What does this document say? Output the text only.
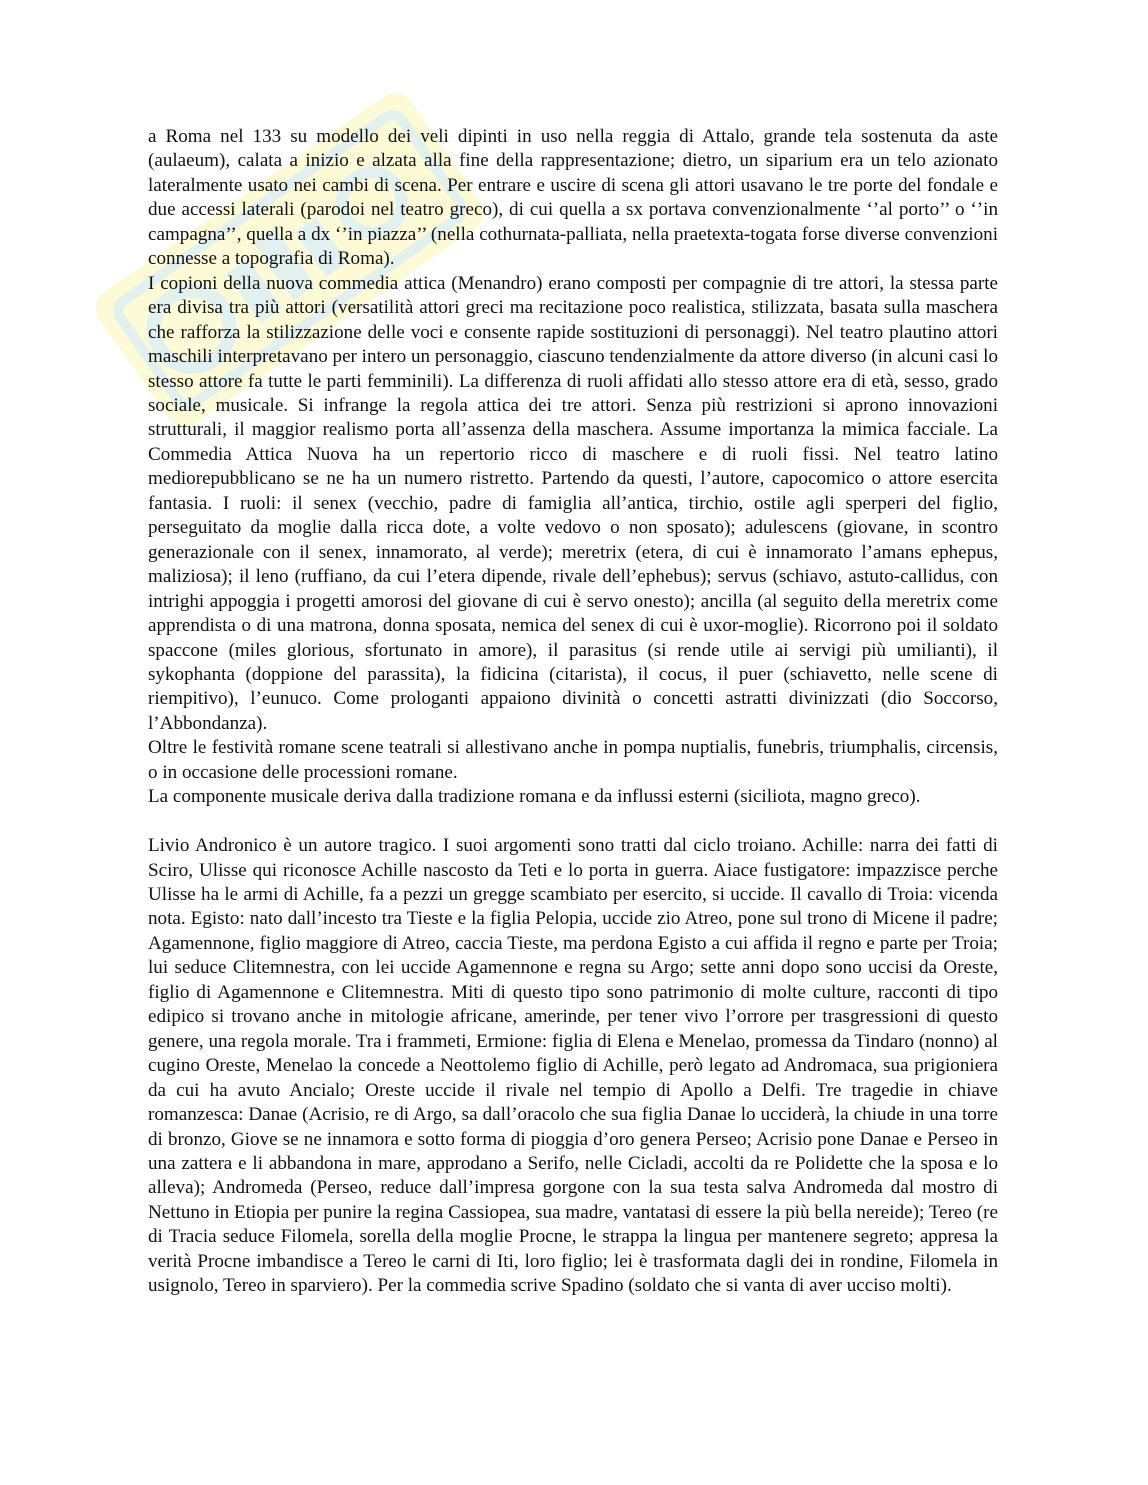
a Roma nel 133 su modello dei veli dipinti in uso nella reggia di Attalo, grande tela sostenuta da aste (aulaeum), calata a inizio e alzata alla fine della rappresentazione; dietro, un siparium era un telo azionato lateralmente usato nei cambi di scena. Per entrare e uscire di scena gli attori usavano le tre porte del fondale e due accessi laterali (parodoi nel teatro greco), di cui quella a sx portava convenzionalmente ‘’al porto’’ o ‘’in campagna’’, quella a dx ‘’in piazza’’ (nella cothurnata-palliata, nella praetexta-togata forse diverse convenzioni connesse a topografia di Roma).

I copioni della nuova commedia attica (Menandro) erano composti per compagnie di tre attori, la stessa parte era divisa tra più attori (versatilità attori greci ma recitazione poco realistica, stilizzata, basata sulla maschera che rafforza la stilizzazione delle voci e consente rapide sostituzioni di personaggi). Nel teatro plautino attori maschili interpretavano per intero un personaggio, ciascuno tendenzialmente da attore diverso (in alcuni casi lo stesso attore fa tutte le parti femminili). La differenza di ruoli affidati allo stesso attore era di età, sesso, grado sociale, musicale. Si infrange la regola attica dei tre attori. Senza più restrizioni si aprono innovazioni strutturali, il maggior realismo porta all’assenza della maschera. Assume importanza la mimica facciale. La Commedia Attica Nuova ha un repertorio ricco di maschere e di ruoli fissi. Nel teatro latino mediorepubblicano se ne ha un numero ristretto. Partendo da questi, l’autore, capocomico o attore esercita fantasia. I ruoli: il senex (vecchio, padre di famiglia all’antica, tirchio, ostile agli sperperi del figlio, perseguitato da moglie dalla ricca dote, a volte vedovo o non sposato); adulescens (giovane, in scontro generazionale con il senex, innamorato, al verde); meretrix (etera, di cui è innamorato l’amans ephepus, maliziosa); il leno (ruffiano, da cui l’etera dipende, rivale dell’ephebus); servus (schiavo, astuto-callidus, con intrighi appoggia i progetti amorosi del giovane di cui è servo onesto); ancilla (al seguito della meretrix come apprendista o di una matrona, donna sposata, nemica del senex di cui è uxor-moglie). Ricorrono poi il soldato spaccone (miles glorious, sfortunato in amore), il parasitus (si rende utile ai servigi più umilianti), il sykophanta (doppione del parassita), la fidicina (citarista), il cocus, il puer (schiavetto, nelle scene di riempitivo), l’eunuco. Come prologanti appaiono divinità o concetti astratti divinizzati (dio Soccorso, l’Abbondanza).

Oltre le festività romane scene teatrali si allestivano anche in pompa nuptialis, funebris, triumphalis, circensis, o in occasione delle processioni romane.

La componente musicale deriva dalla tradizione romana e da influssi esterni (siciliota, magno greco).

Livio Andronico è un autore tragico. I suoi argomenti sono tratti dal ciclo troiano. Achille: narra dei fatti di Sciro, Ulisse qui riconosce Achille nascosto da Teti e lo porta in guerra. Aiace fustigatore: impazzisce perche Ulisse ha le armi di Achille, fa a pezzi un gregge scambiato per esercito, si uccide. Il cavallo di Troia: vicenda nota. Egisto: nato dall’incesto tra Tieste e la figlia Pelopia, uccide zio Atreo, pone sul trono di Micene il padre; Agamennone, figlio maggiore di Atreo, caccia Tieste, ma perdona Egisto a cui affida il regno e parte per Troia; lui seduce Clitemnestra, con lei uccide Agamennone e regna su Argo; sette anni dopo sono uccisi da Oreste, figlio di Agamennone e Clitemnestra. Miti di questo tipo sono patrimonio di molte culture, racconti di tipo edipico si trovano anche in mitologie africane, amerinde, per tener vivo l’orrore per trasgressioni di questo genere, una regola morale. Tra i frammeti, Ermione: figlia di Elena e Menelao, promessa da Tindaro (nonno) al cugino Oreste, Menelao la concede a Neottolemo figlio di Achille, però legato ad Andromaca, sua prigioniera da cui ha avuto Ancialo; Oreste uccide il rivale nel tempio di Apollo a Delfi. Tre tragedie in chiave romanzesca: Danae (Acrisio, re di Argo, sa dall’oracolo che sua figlia Danae lo ucciderà, la chiude in una torre di bronzo, Giove se ne innamora e sotto forma di pioggia d’oro genera Perseo; Acrisio pone Danae e Perseo in una zattera e li abbandona in mare, approdano a Serifo, nelle Cicladi, accolti da re Polidette che la sposa e lo alleva); Andromeda (Perseo, reduce dall’impresa gorgone con la sua testa salva Andromeda dal mostro di Nettuno in Etiopia per punire la regina Cassiopea, sua madre, vantatasi di essere la più bella nereide); Tereo (re di Tracia seduce Filomela, sorella della moglie Procne, le strappa la lingua per mantenere segreto; appresa la verità Procne imbandisce a Tereo le carni di Iti, loro figlio; lei è trasformata dagli dei in rondine, Filomela in usignolo, Tereo in sparviero). Per la commedia scrive Spadino (soldato che si vanta di aver ucciso molti).
